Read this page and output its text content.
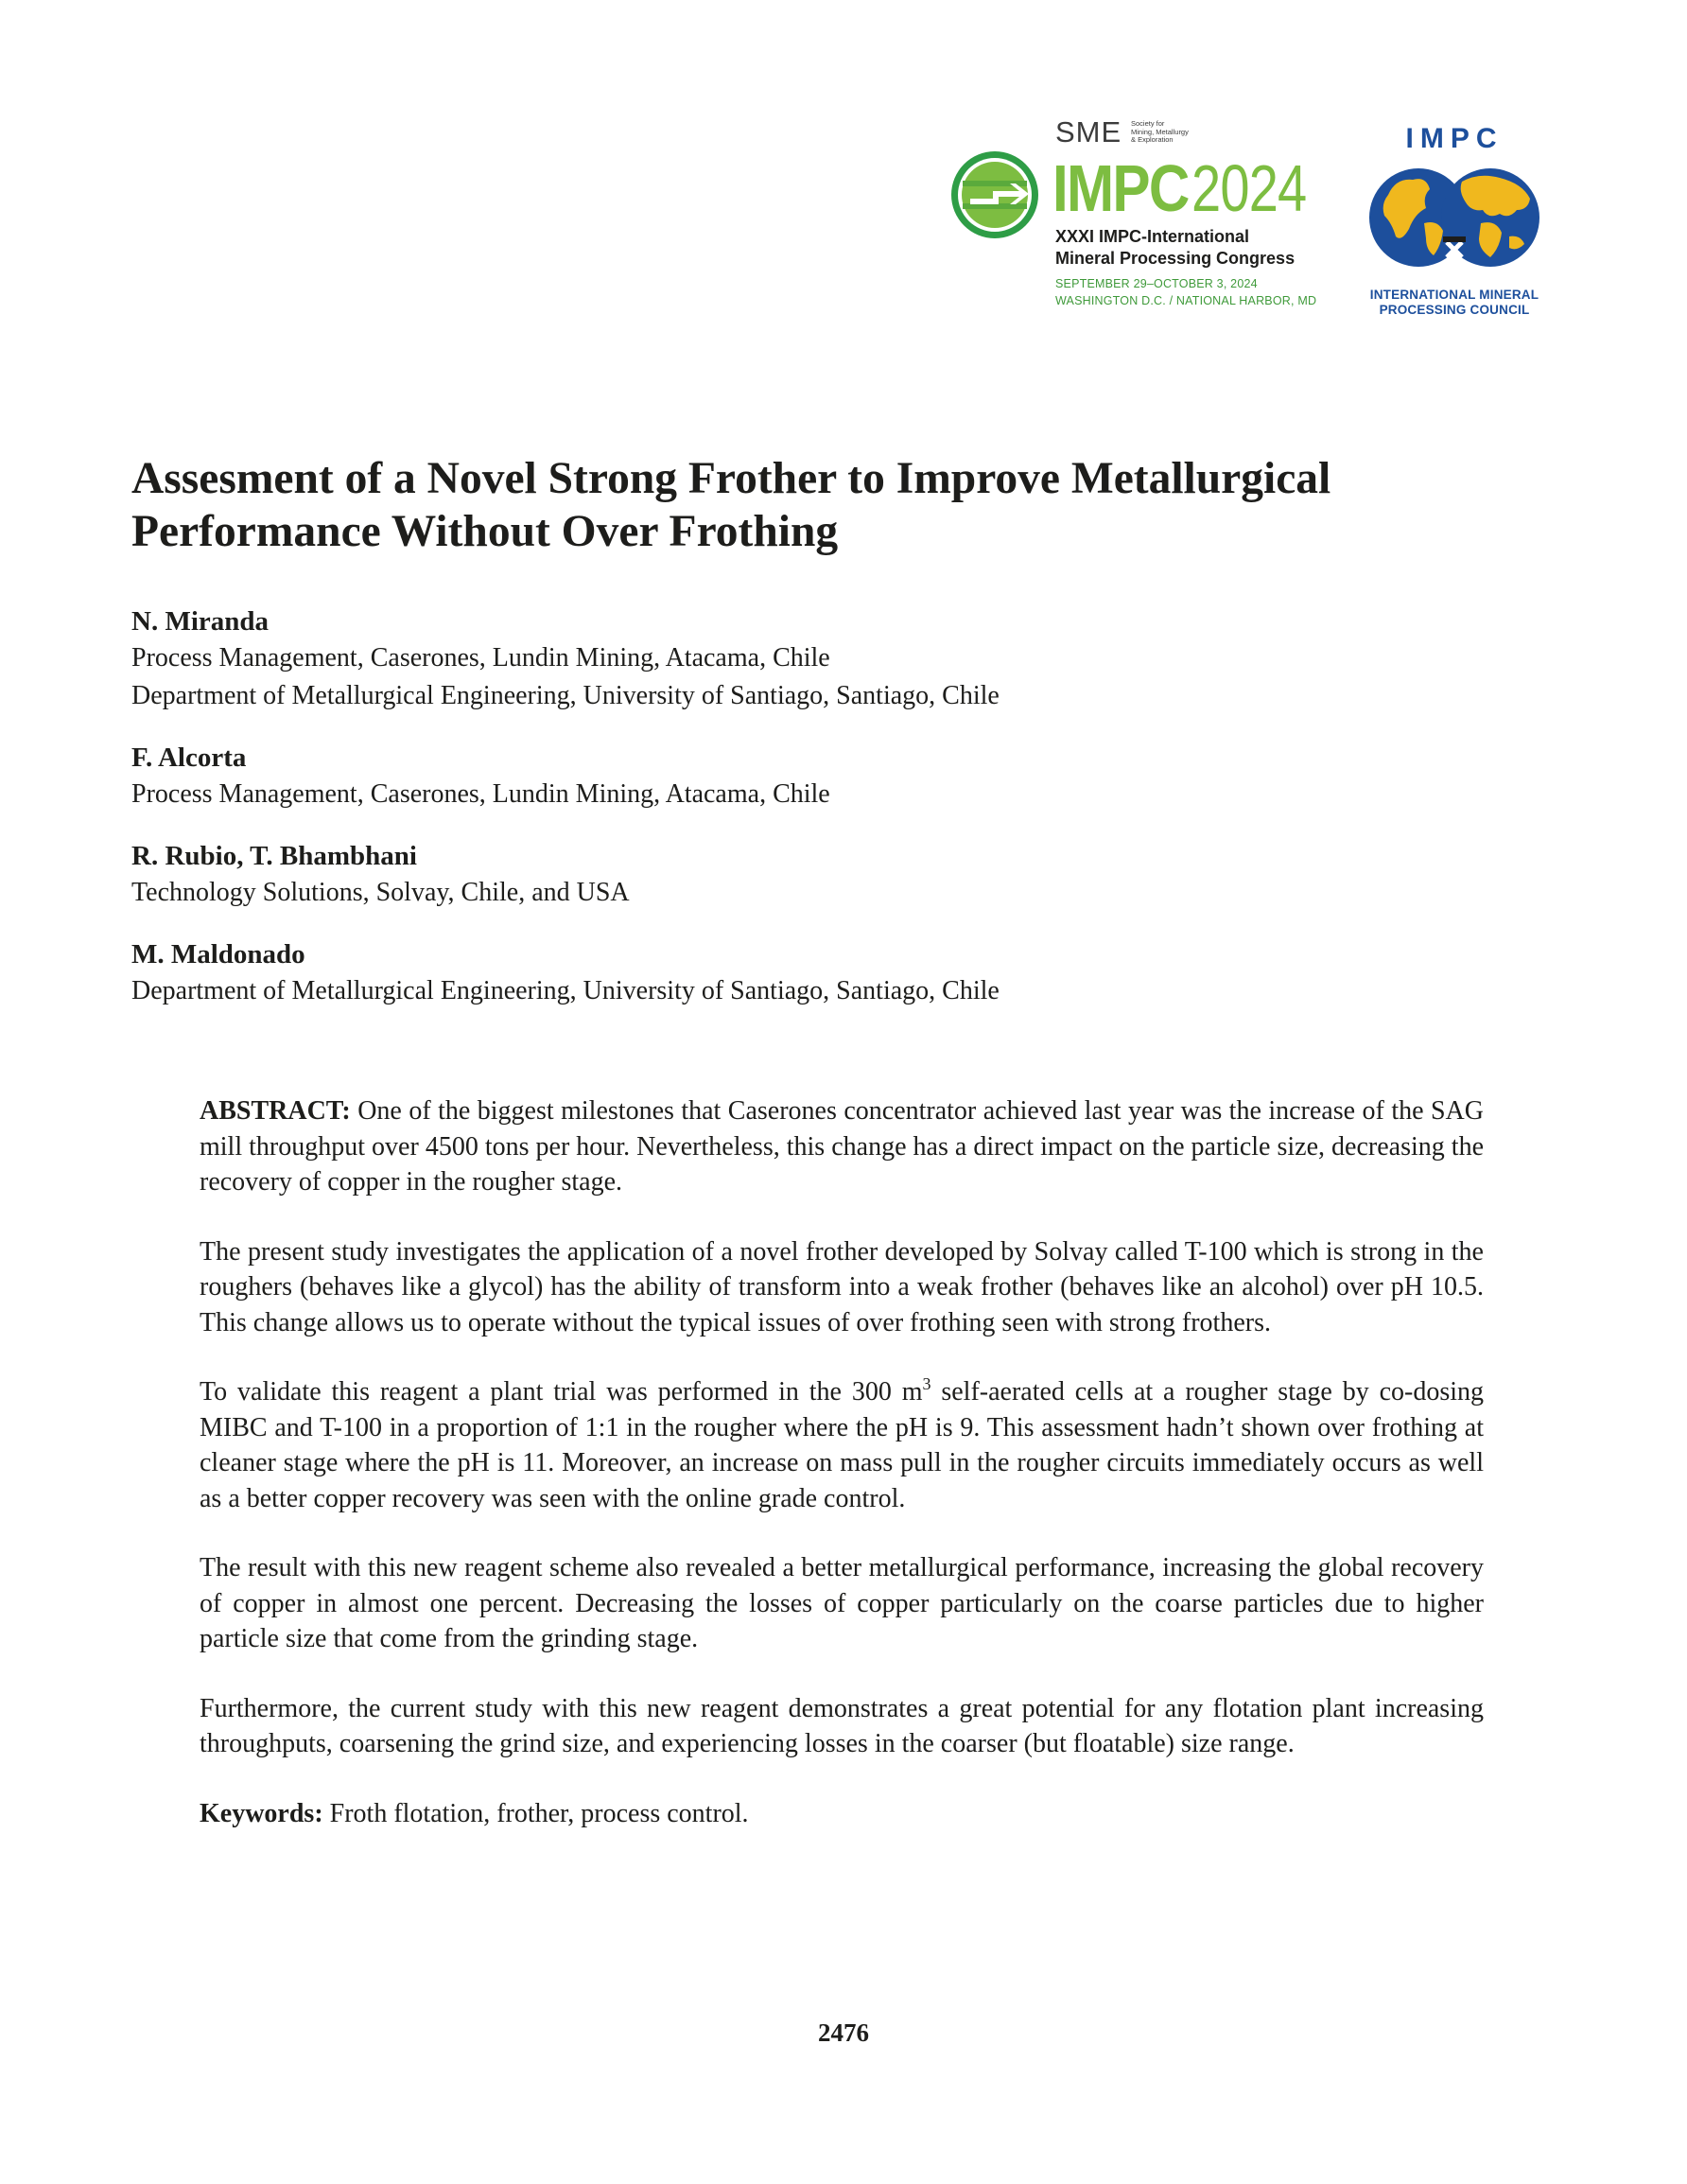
SME Society for
Mining, Metallurgy
& Exploration
IMPC 2024
XXXI IMPC-International
Mineral Processing Congress
SEPTEMBER 29–OCTOBER 3, 2024
WASHINGTON D.C. / NATIONAL HARBOR, MD
IMPC
INTERNATIONAL MINERAL
PROCESSING COUNCIL
Assesment of a Novel Strong Frother to Improve Metallurgical Performance Without Over Frothing
N. Miranda
Process Management, Caserones, Lundin Mining, Atacama, Chile
Department of Metallurgical Engineering, University of Santiago, Santiago, Chile
F. Alcorta
Process Management, Caserones, Lundin Mining, Atacama, Chile
R. Rubio, T. Bhambhani
Technology Solutions, Solvay, Chile, and USA
M. Maldonado
Department of Metallurgical Engineering, University of Santiago, Santiago, Chile

ABSTRACT: One of the biggest milestones that Caserones concentrator achieved last year was the increase of the SAG mill throughput over 4500 tons per hour. Nevertheless, this change has a direct impact on the particle size, decreasing the recovery of copper in the rougher stage.

The present study investigates the application of a novel frother developed by Solvay called T-100 which is strong in the roughers (behaves like a glycol) has the ability of transform into a weak frother (behaves like an alcohol) over pH 10.5. This change allows us to operate without the typical issues of over frothing seen with strong frothers.

To validate this reagent a plant trial was performed in the 300 $m^3$ self-aerated cells at a rougher stage by co-dosing MIBC and T-100 in a proportion of 1:1 in the rougher where the pH is 9. This assessment hadn’t shown over frothing at cleaner stage where the pH is 11. Moreover, an increase on mass pull in the rougher circuits immediately occurs as well as a better copper recovery was seen with the online grade control.

The result with this new reagent scheme also revealed a better metallurgical performance, increasing the global recovery of copper in almost one percent. Decreasing the losses of copper particularly on the coarse particles due to higher particle size that come from the grinding stage.

Furthermore, the current study with this new reagent demonstrates a great potential for any flotation plant increasing throughputs, coarsening the grind size, and experiencing losses in the coarser (but floatable) size range.

Keywords: Froth flotation, frother, process control.

2476
